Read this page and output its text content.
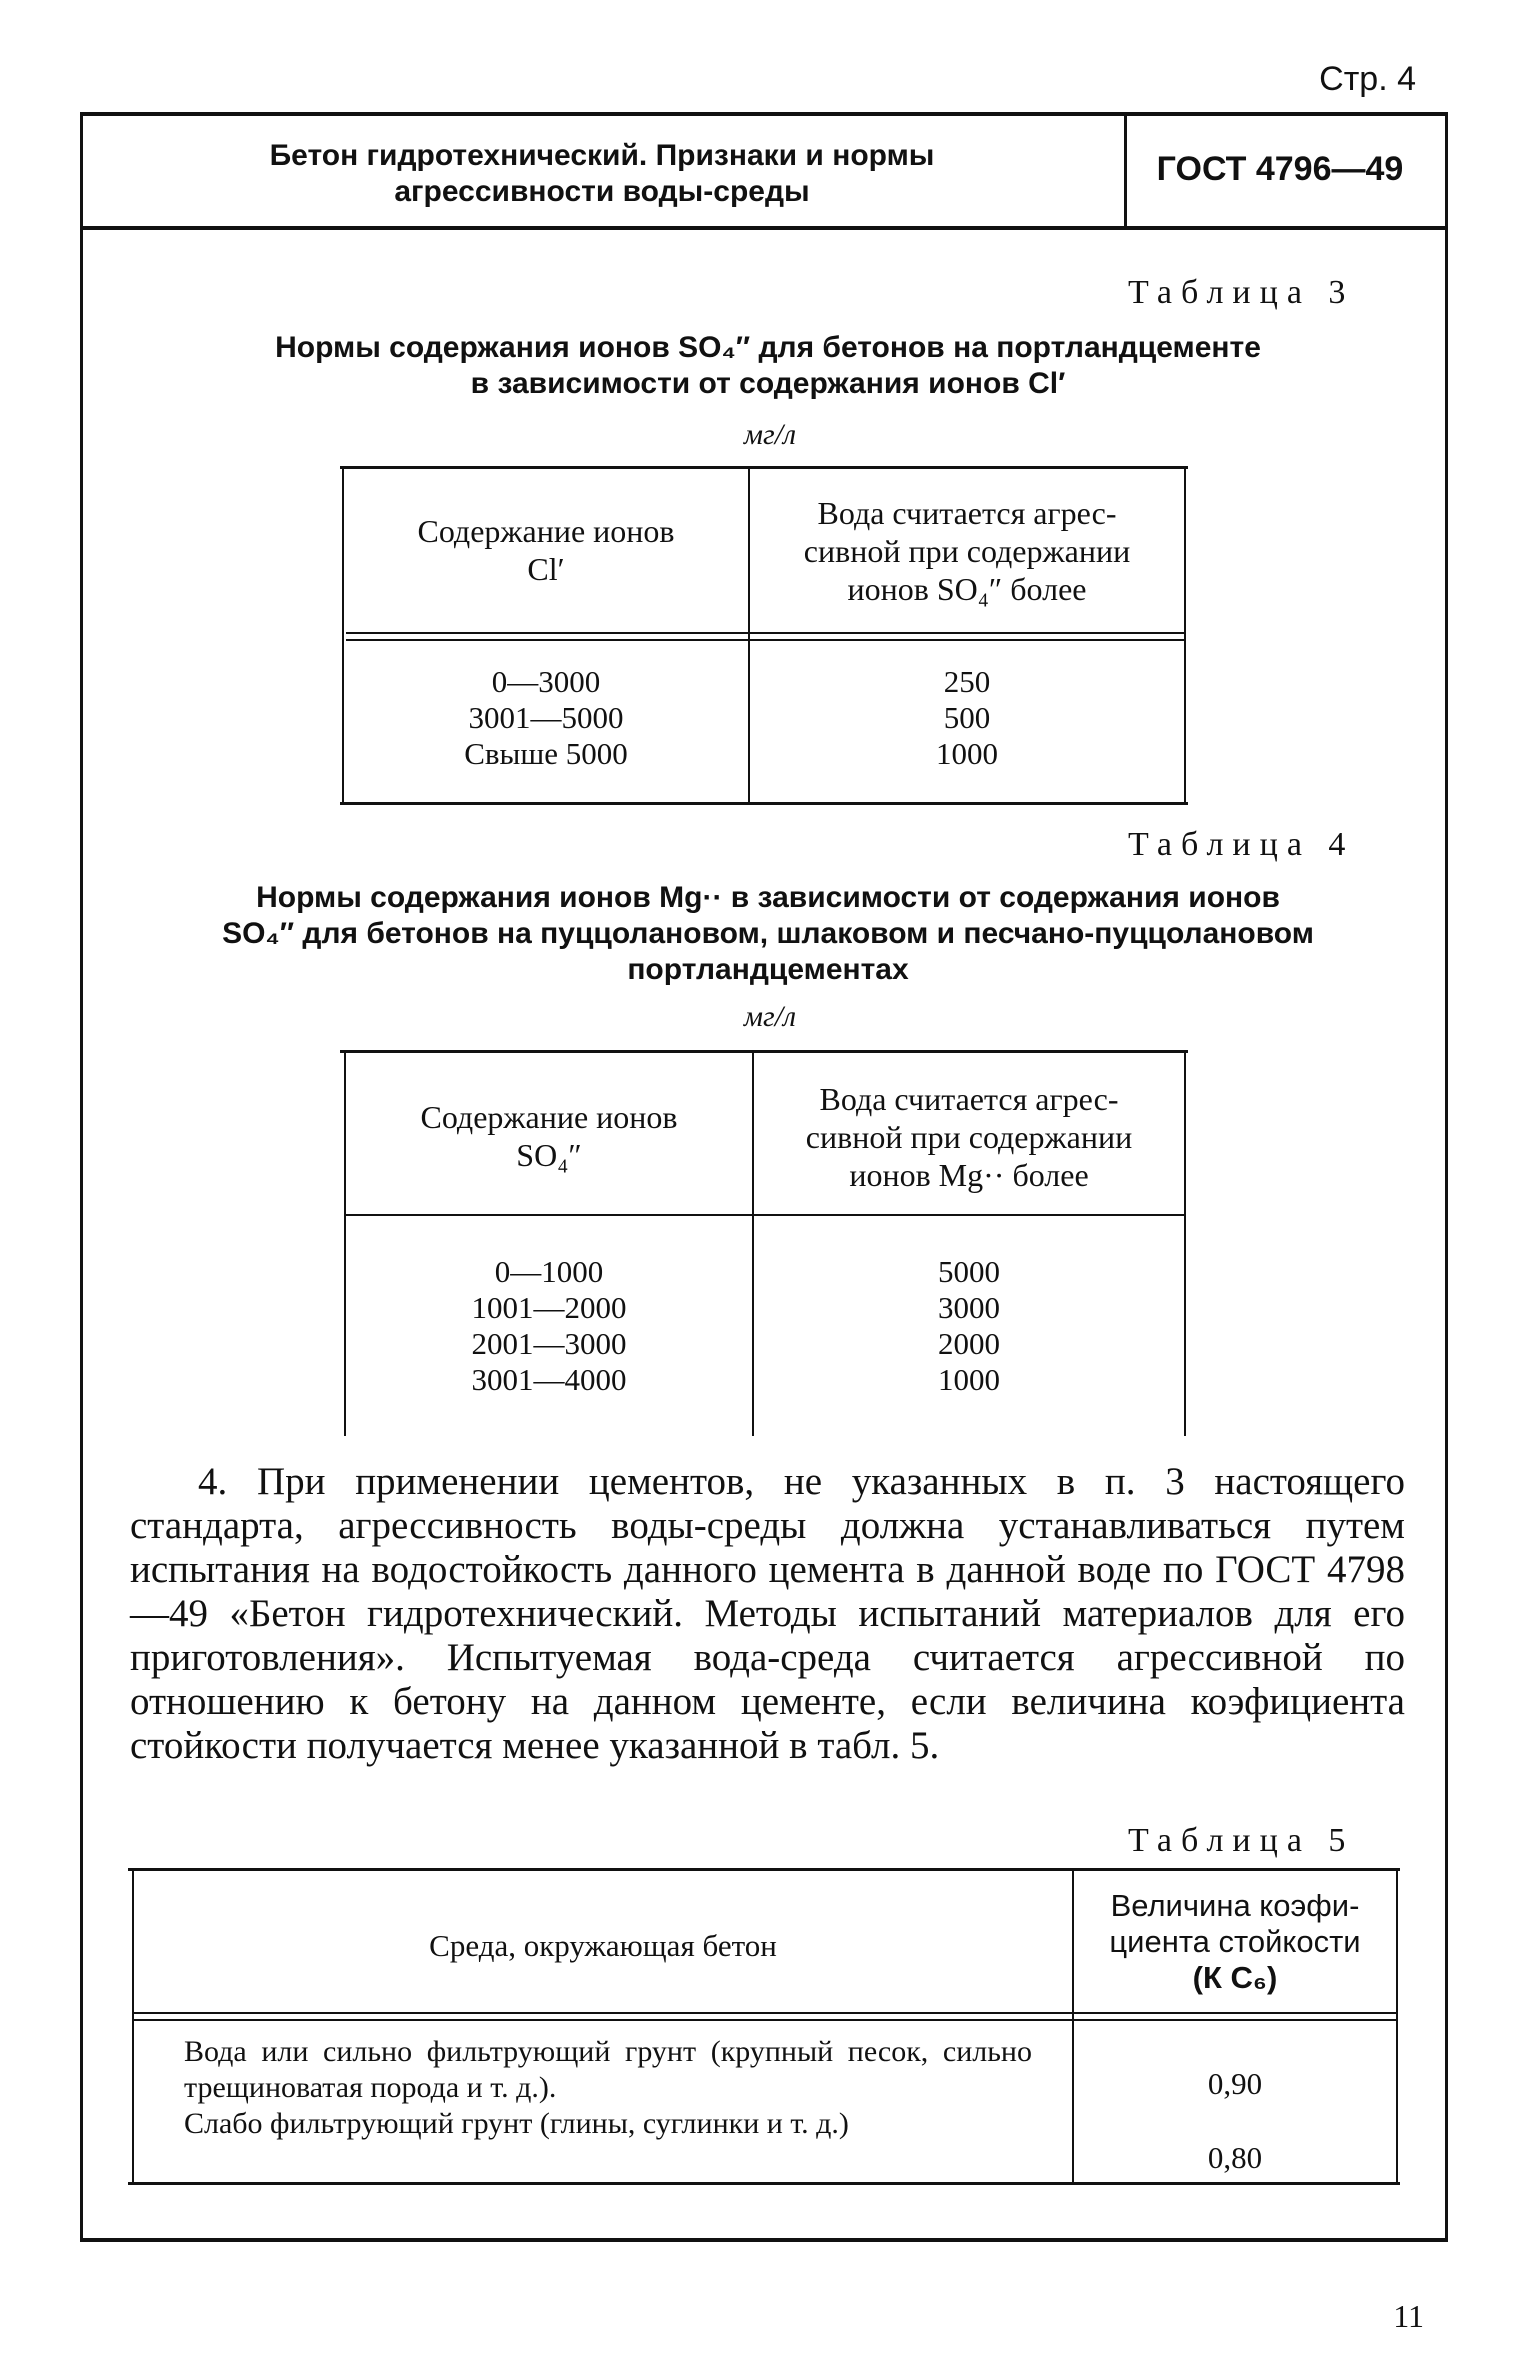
Стр. 4
Бетон гидротехнический. Признаки и нормы
агрессивности воды-среды
ГОСТ 4796—49
Таблица 3
Нормы содержания ионов SO₄″ для бетонов на портландцементе
в зависимости от содержания ионов Cl′
мг/л
Содержание ионов
Cl′
Вода считается агрес-
сивной при содержании
ионов SO₄″ более
0—3000
3001—5000
Свыше 5000
250
500
1000
Таблица 4
Нормы содержания ионов Mg·· в зависимости от содержания ионов
SO₄″ для бетонов на пуццолановом, шлаковом и песчано-пуццолановом
портландцементах
мг/л
Содержание ионов
SO₄″
Вода считается агрес-
сивной при содержании
ионов Mg·· более
0—1000
1001—2000
2001—3000
3001—4000
5000
3000
2000
1000

4. При применении цементов, не указанных в п. 3 настоящего стандарта, агрессивность воды-среды должна устанавливаться путем испытания на водостойкость данного цемента в данной воде по ГОСТ 4798—49 «Бетон гидротехнический. Методы испытаний материалов для его приготовления». Испытуемая вода-среда считается агрессивной по отношению к бетону на данном цементе, если величина коэфициента стойкости получается менее указанной в табл. 5.

Таблица 5
Среда, окружающая бетон
Величина коэфи-
циента стойкости
(К С₆)
Вода или сильно фильтрующий грунт (крупный песок, сильно трещиноватая порода и т. д.).
Слабо фильтрующий грунт (глины, суглинки и т. д.)
0,90
0,80
11
